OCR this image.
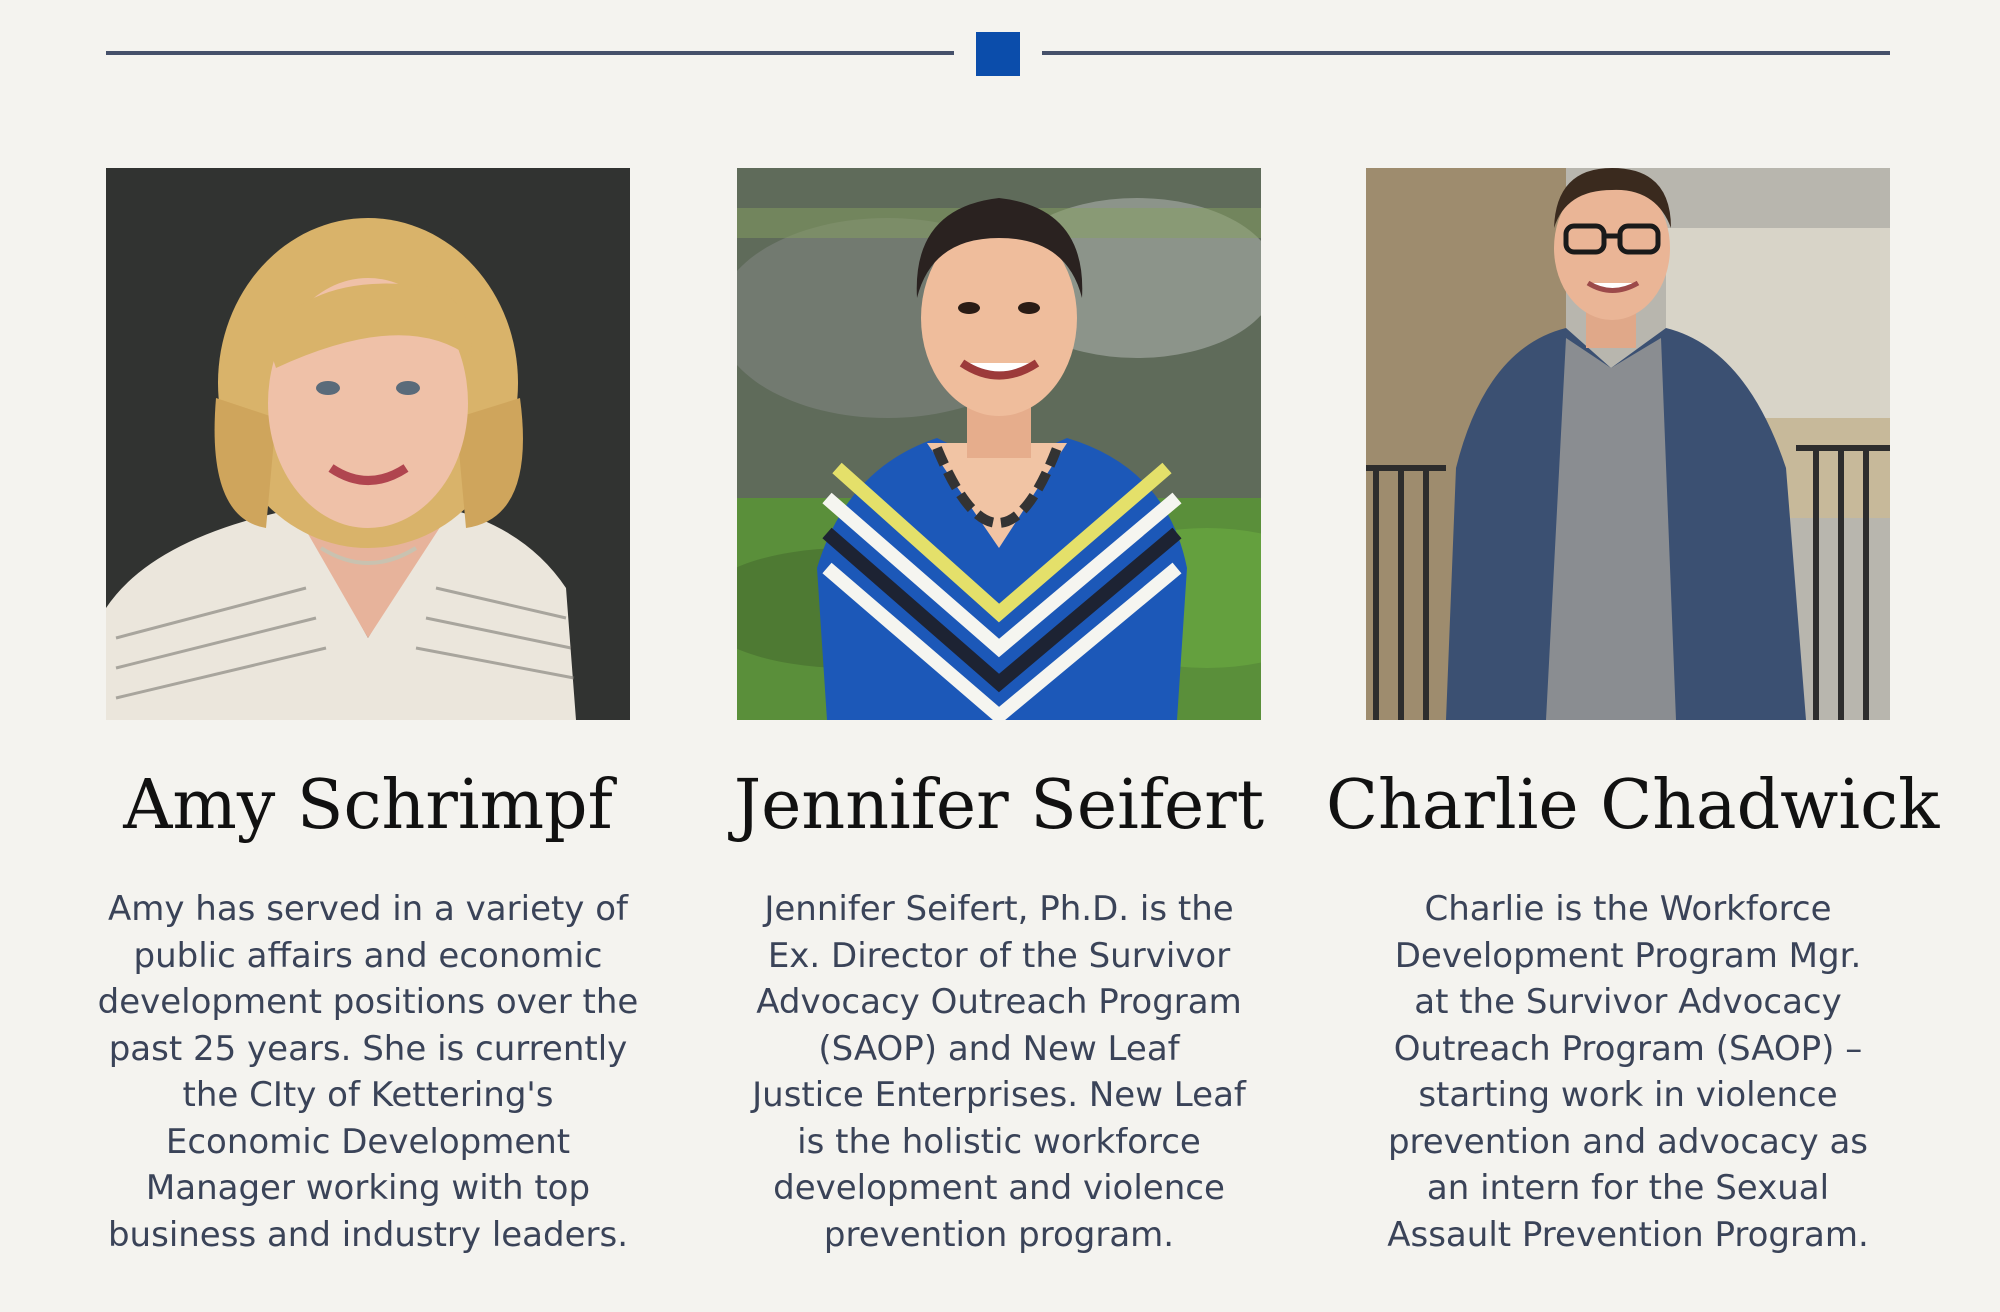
Amy Schrimpf
Amy has served in a variety of
public affairs and economic
development positions over the
past 25 years. She is currently
the CIty of Kettering's
Economic Development
Manager working with top
business and industry leaders.
Jennifer Seifert
Jennifer Seifert, Ph.D. is the
Ex. Director of the Survivor
Advocacy Outreach Program
(SAOP) and New Leaf
Justice Enterprises. New Leaf
is the holistic workforce
development and violence
prevention program.
Charlie Chadwick
Charlie is the Workforce
Development Program Mgr.
at the Survivor Advocacy
Outreach Program (SAOP) –
starting work in violence
prevention and advocacy as
an intern for the Sexual
Assault Prevention Program.
